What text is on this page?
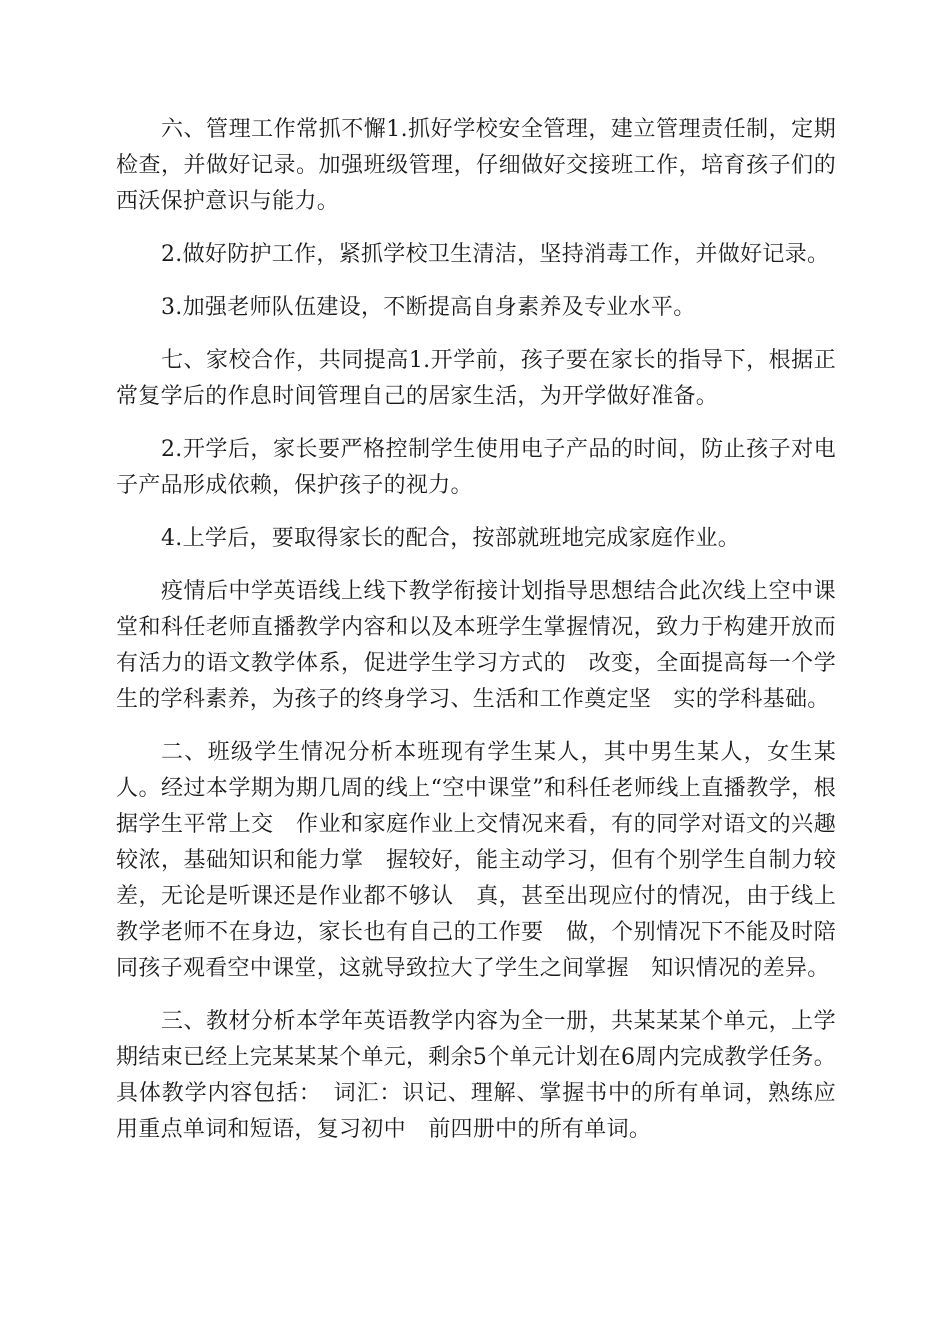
六、管理工作常抓不懈1.抓好学校安全管理，建立管理责任制，定期检查，并做好记录。加强班级管理，仔细做好交接班工作，培育孩子们的西沃保护意识与能力。

2.做好防护工作，紧抓学校卫生清洁，坚持消毒工作，并做好记录。

3.加强老师队伍建设，不断提高自身素养及专业水平。

七、家校合作，共同提高1.开学前，孩子要在家长的指导下，根据正常复学后的作息时间管理自己的居家生活，为开学做好准备。

2.开学后，家长要严格控制学生使用电子产品的时间，防止孩子对电子产品形成依赖，保护孩子的视力。

4.上学后，要取得家长的配合，按部就班地完成家庭作业。

疫情后中学英语线上线下教学衔接计划指导思想结合此次线上空中课堂和科任老师直播教学内容和以及本班学生掌握情况，致力于构建开放而有活力的语文教学体系，促进学生学习方式的　改变，全面提高每一个学生的学科素养，为孩子的终身学习、生活和工作奠定坚　实的学科基础。

二、班级学生情况分析本班现有学生某人，其中男生某人，女生某人。经过本学期为期几周的线上“空中课堂”和科任老师线上直播教学，根据学生平常上交　作业和家庭作业上交情况来看，有的同学对语文的兴趣较浓，基础知识和能力掌　握较好，能主动学习，但有个别学生自制力较差，无论是听课还是作业都不够认　真，甚至出现应付的情况，由于线上教学老师不在身边，家长也有自己的工作要　做，个别情况下不能及时陪同孩子观看空中课堂，这就导致拉大了学生之间掌握　知识情况的差异。

三、教材分析本学年英语教学内容为全一册，共某某某个单元，上学期结束已经上完某某某个单元，剩余5个单元计划在6周内完成教学任务。具体教学内容包括：　词汇：识记、理解、掌握书中的所有单词，熟练应用重点单词和短语，复习初中　前四册中的所有单词。
